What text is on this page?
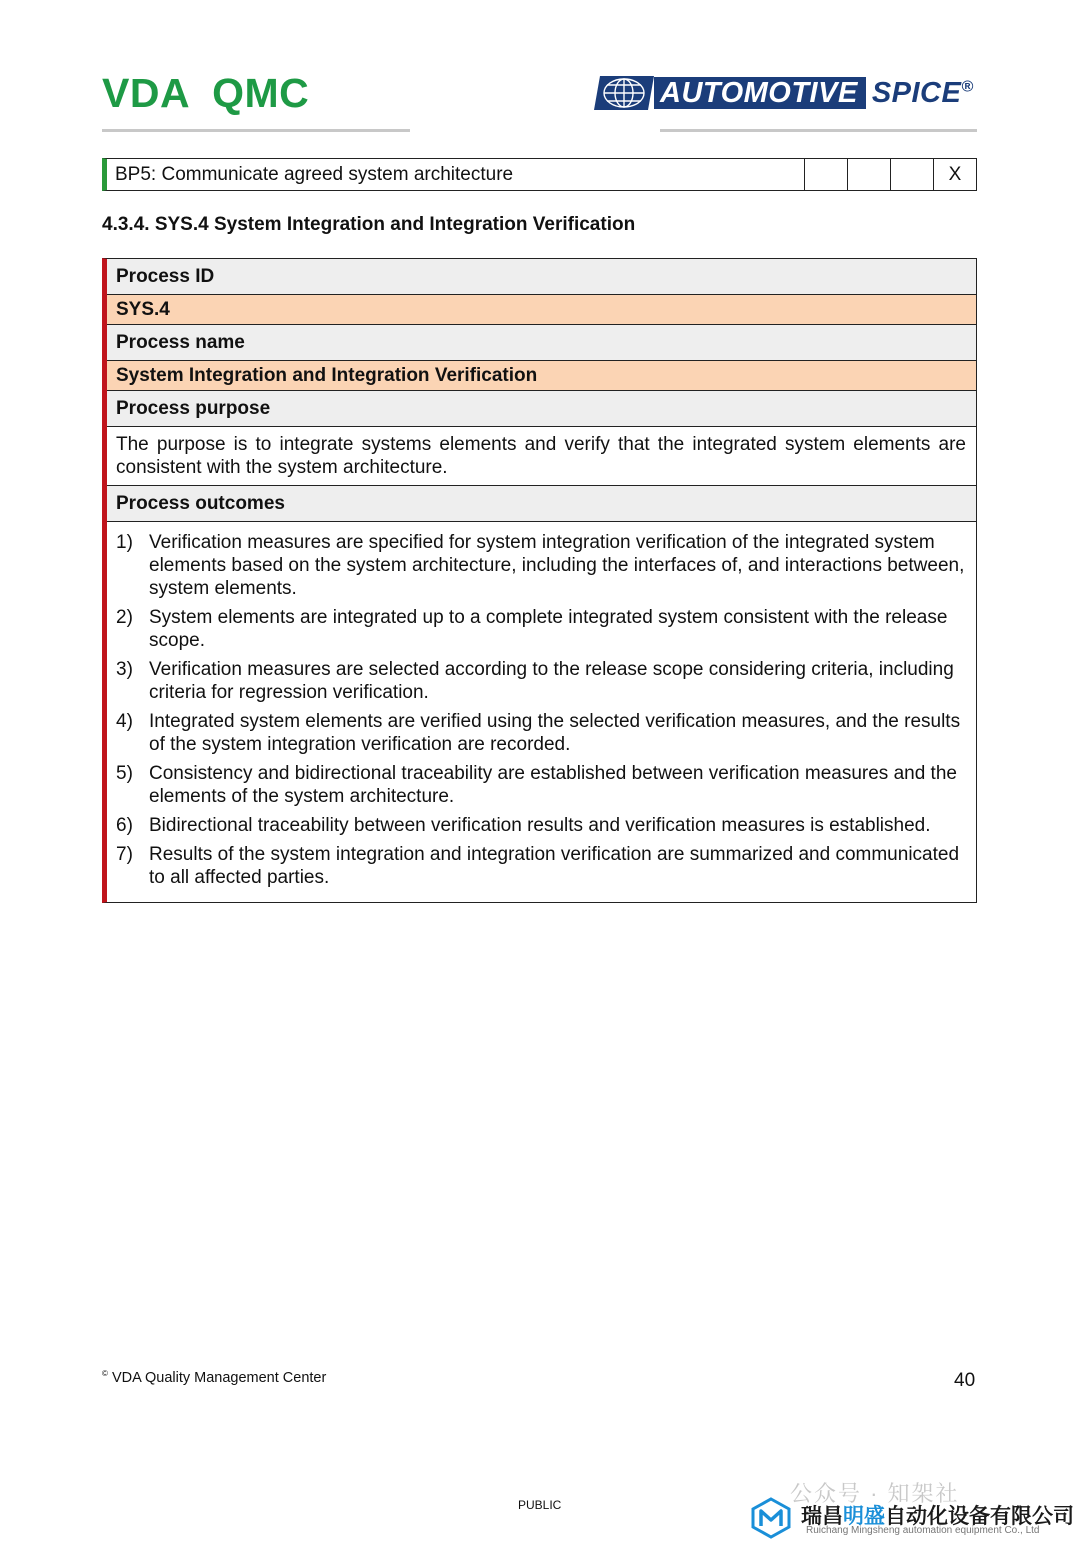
VDA QMC	AUTOMOTIVE SPICE®
BP5: Communicate agreed system architecture	X
4.3.4. SYS.4 System Integration and Integration Verification
Process ID
SYS.4
Process name
System Integration and Integration Verification
Process purpose
The purpose is to integrate systems elements and verify that the integrated system elements are consistent with the system architecture.
Process outcomes
1) Verification measures are specified for system integration verification of the integrated system elements based on the system architecture, including the interfaces of, and interactions between, system elements.
2) System elements are integrated up to a complete integrated system consistent with the release scope.
3) Verification measures are selected according to the release scope considering criteria, including criteria for regression verification.
4) Integrated system elements are verified using the selected verification measures, and the results of the system integration verification are recorded.
5) Consistency and bidirectional traceability are established between verification measures and the elements of the system architecture.
6) Bidirectional traceability between verification results and verification measures is established.
7) Results of the system integration and integration verification are summarized and communicated to all affected parties.
© VDA Quality Management Center	40
PUBLIC	公众号 · 知架社
瑞昌明盛自动化设备有限公司
Ruichang Mingsheng automation equipment Co., Ltd
